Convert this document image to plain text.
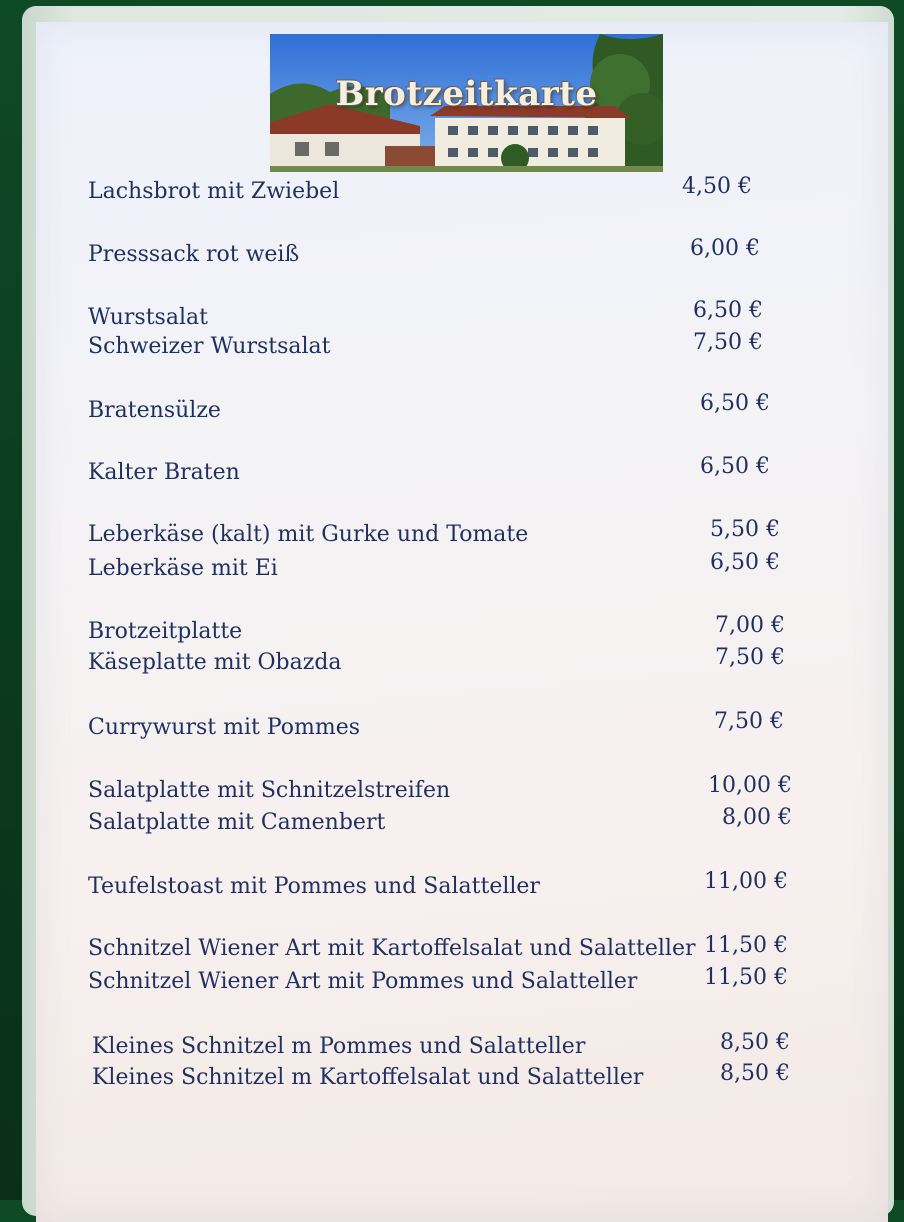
Brotzeitkarte
Lachsbrot mit Zwiebel	4,50 €
Presssack rot weiß	6,00 €
Wurstsalat	6,50 €
Schweizer Wurstsalat	7,50 €
Bratensülze	6,50 €
Kalter Braten	6,50 €
Leberkäse (kalt) mit Gurke und Tomate	5,50 €
Leberkäse mit Ei	6,50 €
Brotzeitplatte	7,00 €
Käseplatte mit Obazda	7,50 €
Currywurst mit Pommes	7,50 €
Salatplatte mit Schnitzelstreifen	10,00 €
Salatplatte mit Camenbert	8,00 €
Teufelstoast mit Pommes und Salatteller	11,00 €
Schnitzel Wiener Art mit Kartoffelsalat und Salatteller 11,50 €
Schnitzel Wiener Art mit Pommes und Salatteller	11,50 €
Kleines Schnitzel m Pommes und Salatteller	8,50 €
Kleines Schnitzel m Kartoffelsalat und Salatteller	8,50 €
